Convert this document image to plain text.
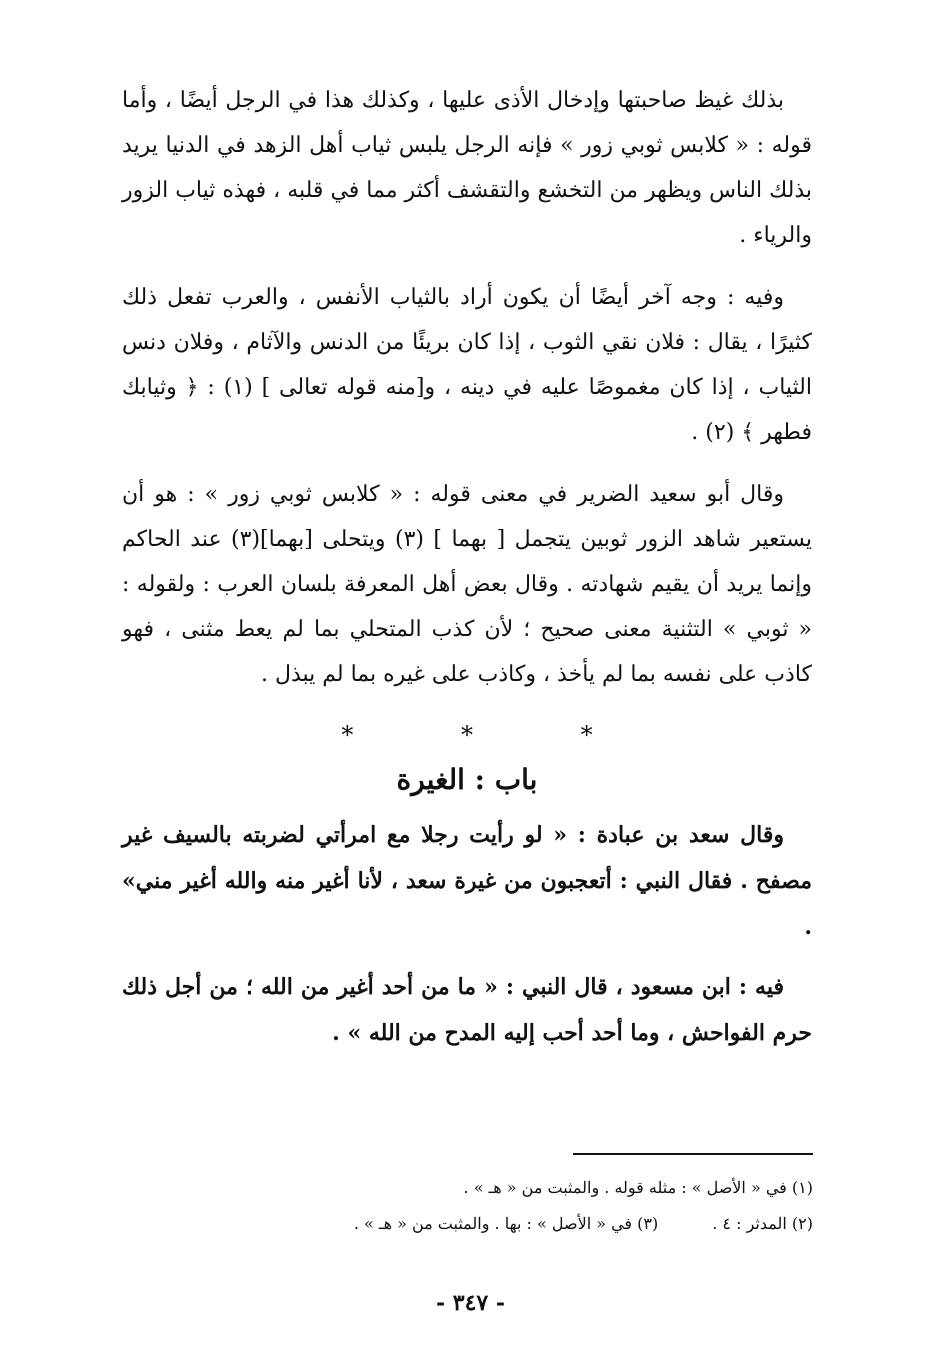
بذلك غيظ صاحبتها وإدخال الأذى عليها ، وكذلك هذا في الرجل أيضًا ، وأما قوله : « كلابس ثوبي زور » فإنه الرجل يلبس ثياب أهل الزهد في الدنيا يريد بذلك الناس ويظهر من التخشع والتقشف أكثر مما في قلبه ، فهذه ثياب الزور والرياء .

وفيه : وجه آخر أيضًا أن يكون أراد بالثياب الأنفس ، والعرب تفعل ذلك كثيرًا ، يقال : فلان نقي الثوب ، إذا كان بريئًا من الدنس والآثام ، وفلان دنس الثياب ، إذا كان مغموصًا عليه في دينه ، و[منه قوله تعالى ] (١) : ﴿ وثيابك فطهر ﴾ (٢) .

وقال أبو سعيد الضرير في معنى قوله : « كلابس ثوبي زور » : هو أن يستعير شاهد الزور ثوبين يتجمل [ بهما ] (٣) ويتحلى [بهما](٣) عند الحاكم وإنما يريد أن يقيم شهادته . وقال بعض أهل المعرفة بلسان العرب : ولقوله : « ثوبي » التثنية معنى صحيح ؛ لأن كذب المتحلي بما لم يعط مثنى ، فهو كاذب على نفسه بما لم يأخذ ، وكاذب على غيره بما لم يبذل .

* * *
باب : الغيرة

وقال سعد بن عبادة : « لو رأيت رجلا مع امرأتي لضربته بالسيف غير مصفح . فقال النبي : أتعجبون من غيرة سعد ، لأنا أغير منه والله أغير مني» .

فيه : ابن مسعود ، قال النبي : « ما من أحد أغير من الله ؛ من أجل ذلك حرم الفواحش ، وما أحد أحب إليه المدح من الله » .

(١) في « الأصل » : مثله قوله . والمثبت من « هـ » .
(٢) المدثر : ٤ .
(٣) في « الأصل » : بها . والمثبت من « هـ » .
- ٣٤٧ -
